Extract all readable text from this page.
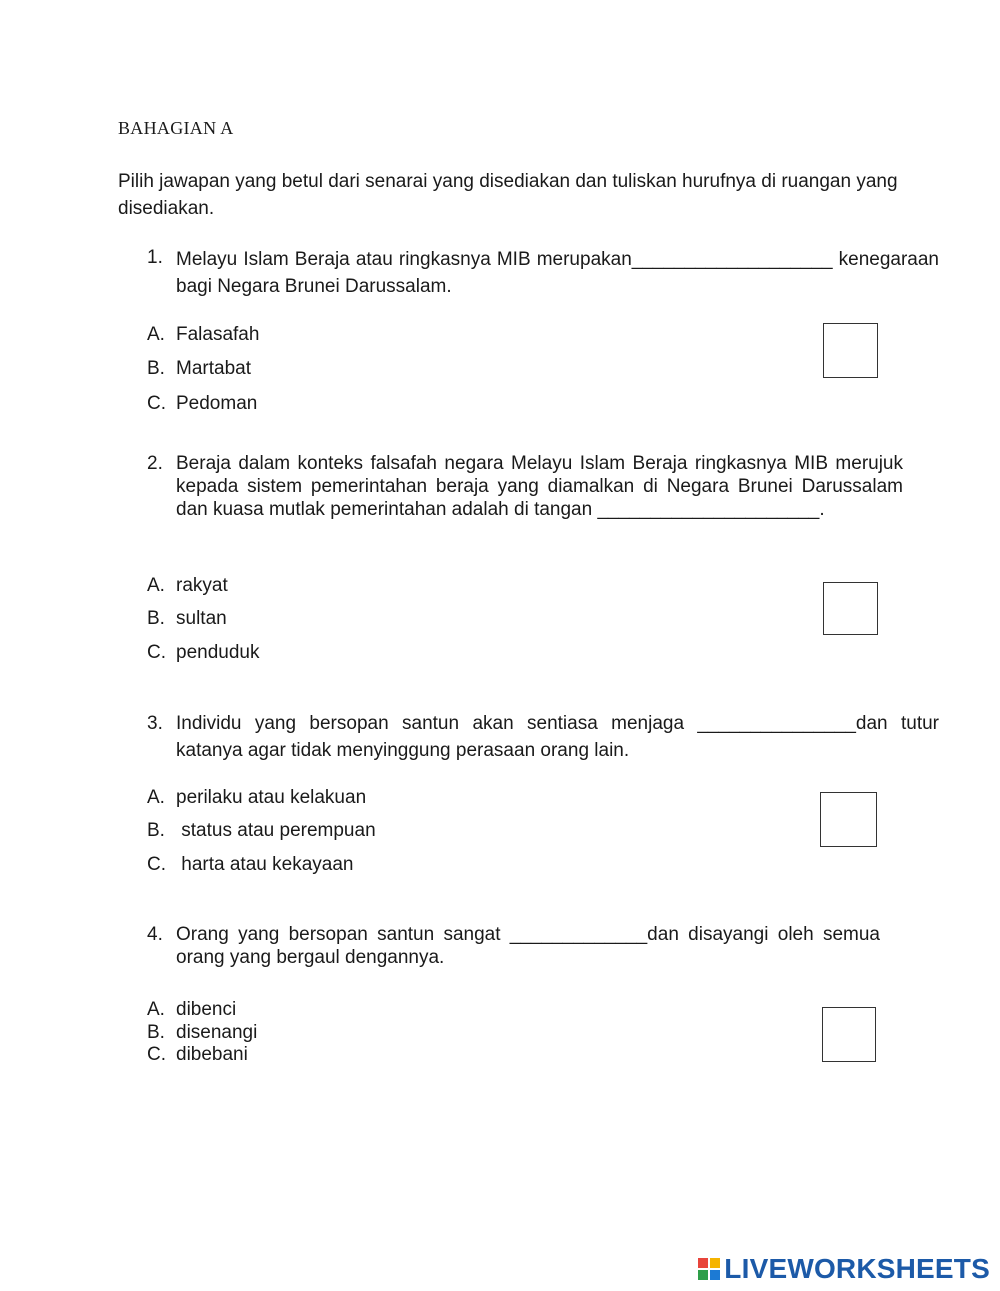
BAHAGIAN A
Pilih jawapan yang betul dari senarai yang disediakan dan tuliskan hurufnya di ruangan yang disediakan.
1. Melayu Islam Beraja atau ringkasnya MIB merupakan___________________ kenegaraan bagi Negara Brunei Darussalam.
A. Falasafah
B. Martabat
C. Pedoman
2. Beraja dalam konteks falsafah negara Melayu Islam Beraja ringkasnya MIB merujuk kepada sistem pemerintahan beraja yang diamalkan di Negara Brunei Darussalam dan kuasa mutlak pemerintahan adalah di tangan _____________________.
A. rakyat
B. sultan
C. penduduk
3. Individu yang bersopan santun akan sentiasa menjaga _______________dan tutur katanya agar tidak menyinggung perasaan orang lain.
A. perilaku atau kelakuan
B. status atau perempuan
C. harta atau kekayaan
4. Orang yang bersopan santun sangat _____________dan disayangi oleh semua orang yang bergaul dengannya.
A. dibenci
B. disenangi
C. dibebani
LIVEWORKSHEETS
